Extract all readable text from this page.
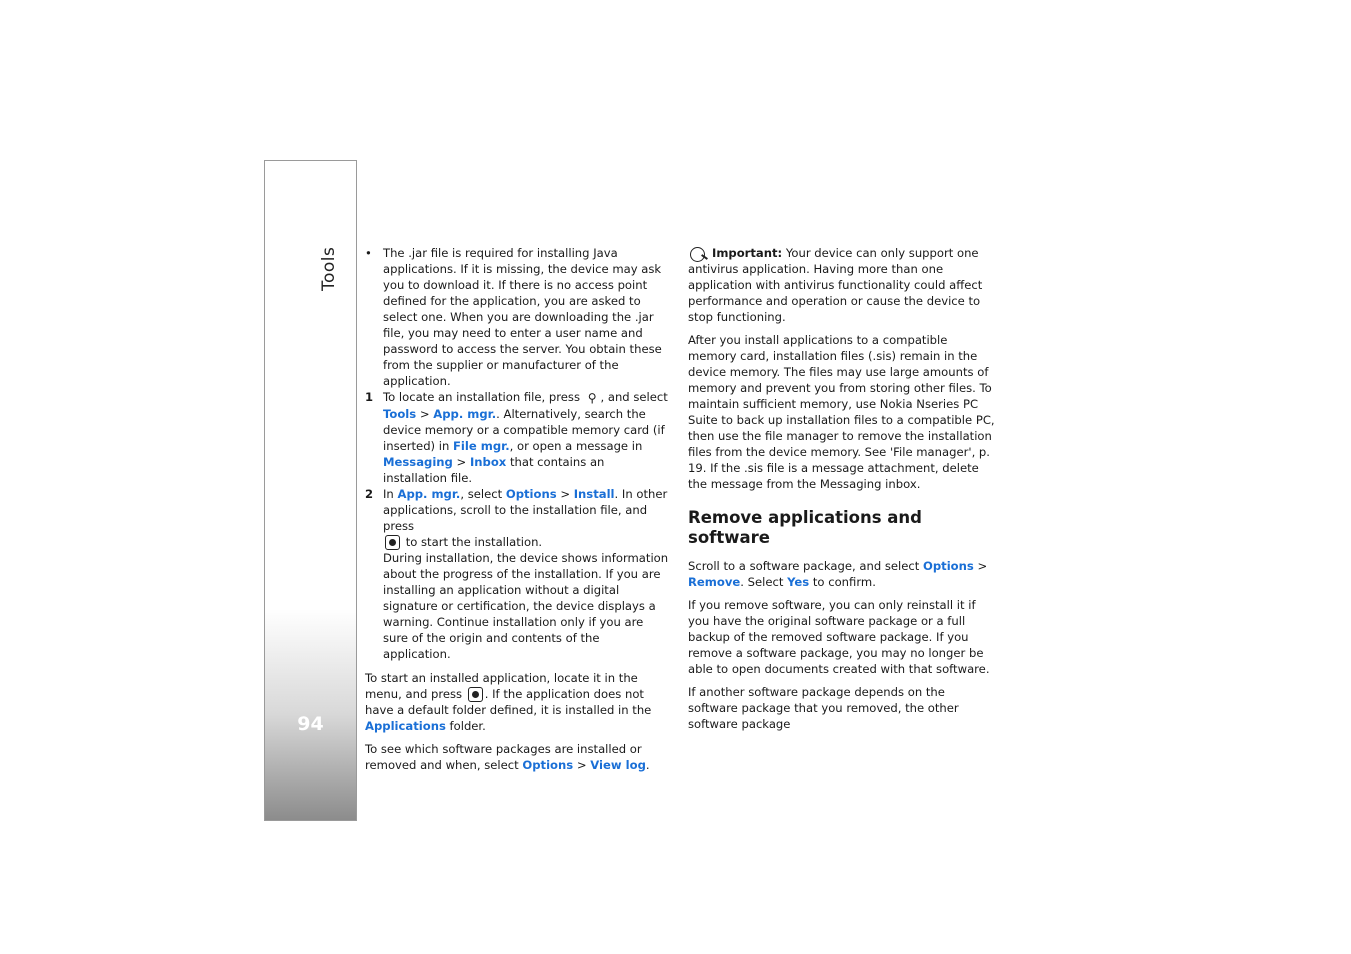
Tools
94
• The .jar file is required for installing Java applications. If it is missing, the device may ask you to download it. If there is no access point defined for the application, you are asked to select one. When you are downloading the .jar file, you may need to enter a user name and password to access the server. You obtain these from the supplier or manufacturer of the application.
1 To locate an installation file, press ⚲ , and select Tools > App. mgr.. Alternatively, search the device memory or a compatible memory card (if inserted) in File mgr., or open a message in Messaging > Inbox that contains an installation file.
2 In App. mgr., select Options > Install. In other applications, scroll to the installation file, and press
to start the installation.
During installation, the device shows information about the progress of the installation. If you are installing an application without a digital signature or certification, the device displays a warning. Continue installation only if you are sure of the origin and contents of the application.

To start an installed application, locate it in the menu, and press . If the application does not have a default folder defined, it is installed in the Applications folder.

To see which software packages are installed or removed and when, select Options > View log.

Important: Your device can only support one antivirus application. Having more than one application with antivirus functionality could affect performance and operation or cause the device to stop functioning.

After you install applications to a compatible memory card, installation files (.sis) remain in the device memory. The files may use large amounts of memory and prevent you from storing other files. To maintain sufficient memory, use Nokia Nseries PC Suite to back up installation files to a compatible PC, then use the file manager to remove the installation files from the device memory. See 'File manager', p. 19. If the .sis file is a message attachment, delete the message from the Messaging inbox.

Remove applications and software

Scroll to a software package, and select Options > Remove. Select Yes to confirm.

If you remove software, you can only reinstall it if you have the original software package or a full backup of the removed software package. If you remove a software package, you may no longer be able to open documents created with that software.

If another software package depends on the software package that you removed, the other software package
